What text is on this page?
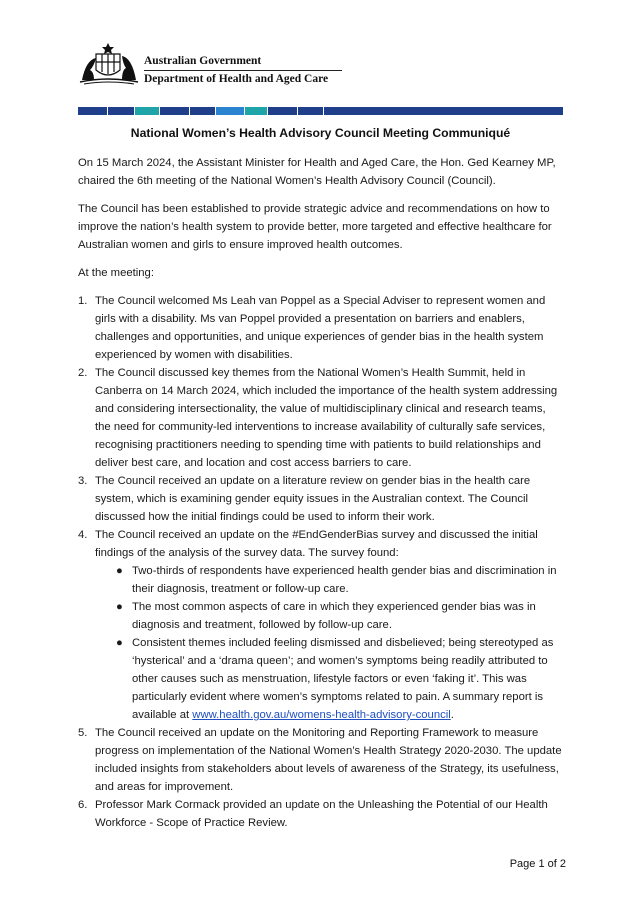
Australian Government
Department of Health and Aged Care
National Women’s Health Advisory Council Meeting Communiqué

On 15 March 2024, the Assistant Minister for Health and Aged Care, the Hon. Ged Kearney MP, chaired the 6th meeting of the National Women’s Health Advisory Council (Council).

The Council has been established to provide strategic advice and recommendations on how to improve the nation’s health system to provide better, more targeted and effective healthcare for Australian women and girls to ensure improved health outcomes.

At the meeting:

1. The Council welcomed Ms Leah van Poppel as a Special Adviser to represent women and girls with a disability. Ms van Poppel provided a presentation on barriers and enablers, challenges and opportunities, and unique experiences of gender bias in the health system experienced by women with disabilities.
2. The Council discussed key themes from the National Women’s Health Summit, held in Canberra on 14 March 2024, which included the importance of the health system addressing and considering intersectionality, the value of multidisciplinary clinical and research teams, the need for community-led interventions to increase availability of culturally safe services, recognising practitioners needing to spending time with patients to build relationships and deliver best care, and location and cost access barriers to care.
3. The Council received an update on a literature review on gender bias in the health care system, which is examining gender equity issues in the Australian context. The Council discussed how the initial findings could be used to inform their work.
4. The Council received an update on the #EndGenderBias survey and discussed the initial findings of the analysis of the survey data. The survey found:
● Two-thirds of respondents have experienced health gender bias and discrimination in their diagnosis, treatment or follow-up care.
● The most common aspects of care in which they experienced gender bias was in diagnosis and treatment, followed by follow-up care.
● Consistent themes included feeling dismissed and disbelieved; being stereotyped as ‘hysterical’ and a ‘drama queen’; and women’s symptoms being readily attributed to other causes such as menstruation, lifestyle factors or even ‘faking it’. This was particularly evident where women’s symptoms related to pain. A summary report is available at www.health.gov.au/womens-health-advisory-council.
5. The Council received an update on the Monitoring and Reporting Framework to measure progress on implementation of the National Women’s Health Strategy 2020-2030. The update included insights from stakeholders about levels of awareness of the Strategy, its usefulness, and areas for improvement.
6. Professor Mark Cormack provided an update on the Unleashing the Potential of our Health Workforce - Scope of Practice Review.
Page 1 of 2
